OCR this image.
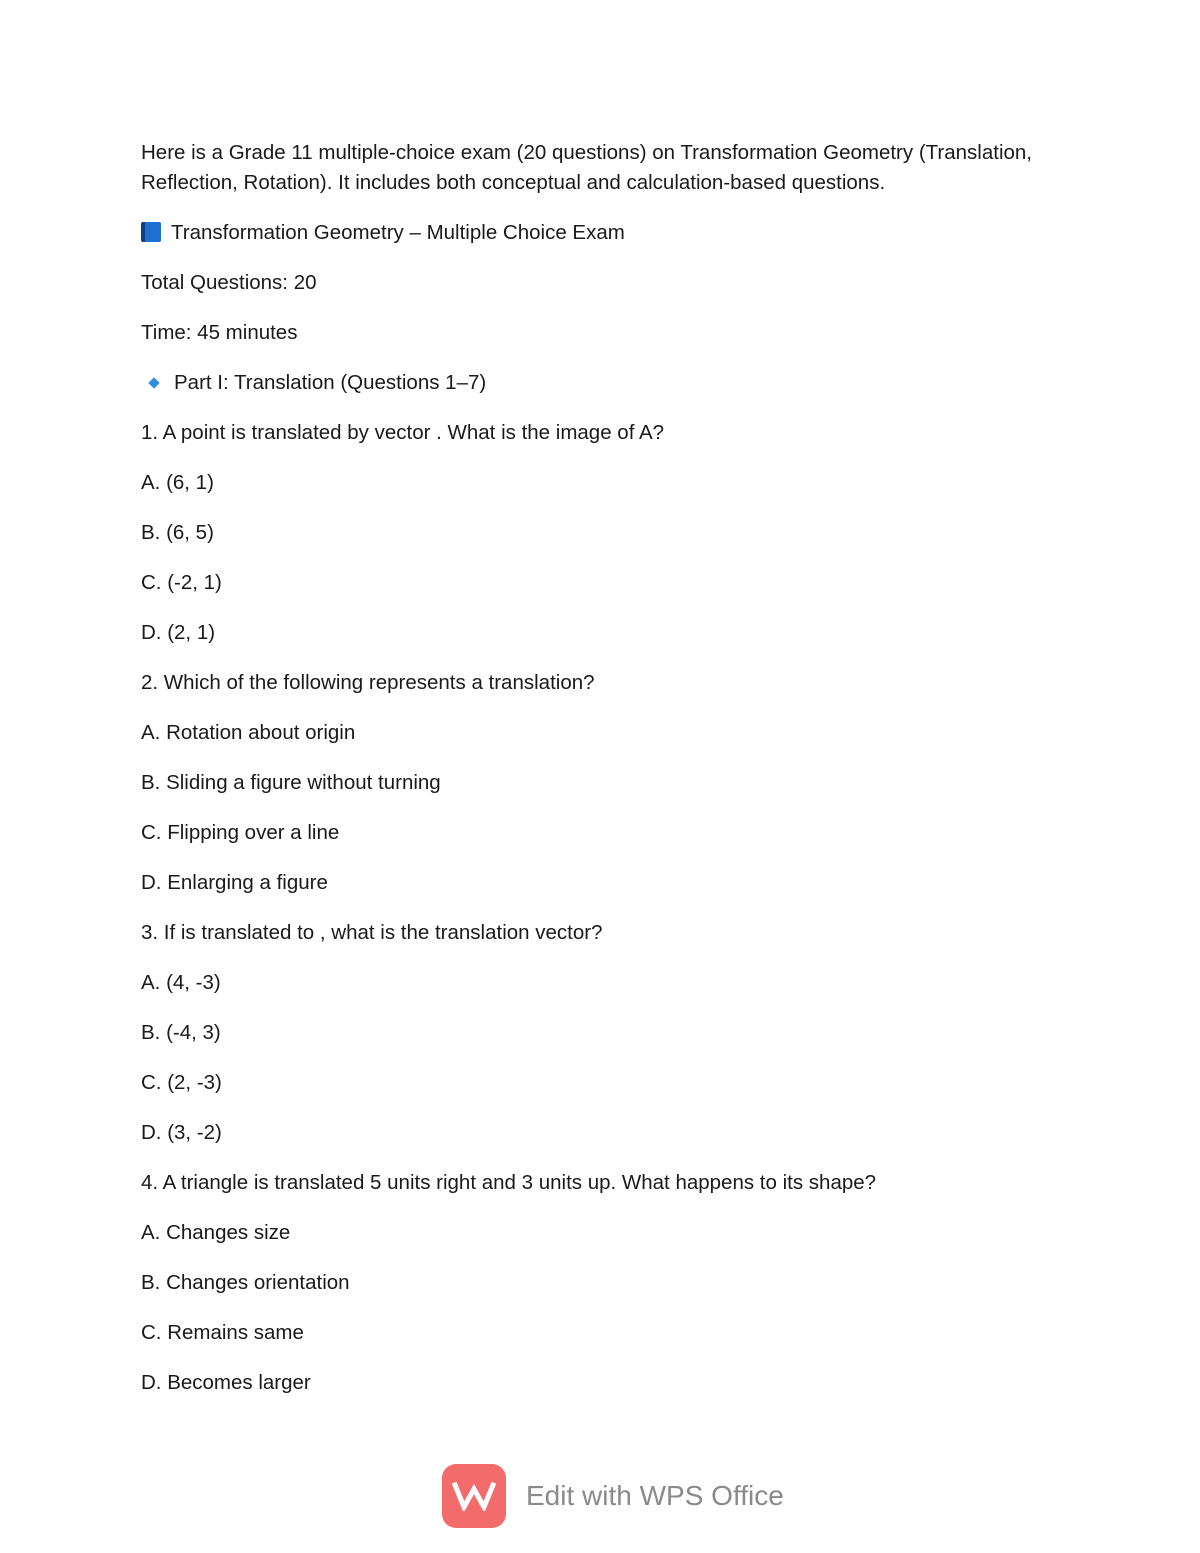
Here is a Grade 11 multiple-choice exam (20 questions) on Transformation Geometry (Translation, Reflection, Rotation). It includes both conceptual and calculation-based questions.

Transformation Geometry – Multiple Choice Exam
Total Questions: 20
Time: 45 minutes
Part I: Translation (Questions 1–7)
1. A point is translated by vector . What is the image of A?
A. (6, 1)
B. (6, 5)
C. (-2, 1)
D. (2, 1)
2. Which of the following represents a translation?
A. Rotation about origin
B. Sliding a figure without turning
C. Flipping over a line
D. Enlarging a figure
3. If is translated to , what is the translation vector?
A. (4, -3)
B. (-4, 3)
C. (2, -3)
D. (3, -2)
4. A triangle is translated 5 units right and 3 units up. What happens to its shape?
A. Changes size
B. Changes orientation
C. Remains same
D. Becomes larger
Edit with WPS Office
